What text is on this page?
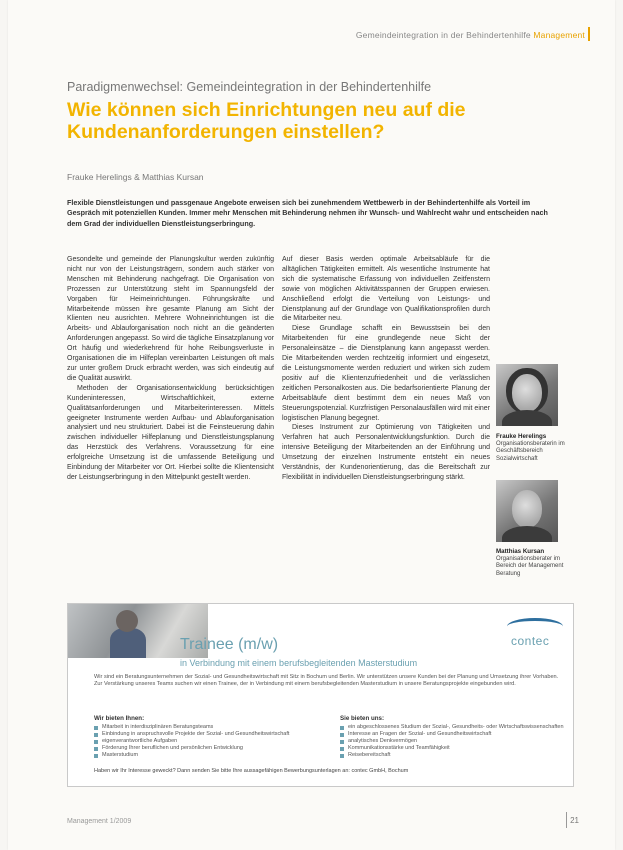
Gemeindeintegration in der Behindertenhilfe Management
Paradigmenwechsel: Gemeindeintegration in der Behindertenhilfe
Wie können sich Einrichtungen neu auf die Kundenanforderungen einstellen?
Frauke Herelings & Matthias Kursan
Flexible Dienstleistungen und passgenaue Angebote erweisen sich bei zunehmendem Wettbewerb in der Behindertenhilfe als Vorteil im Gespräch mit potenziellen Kunden. Immer mehr Menschen mit Behinderung nehmen ihr Wunsch- und Wahlrecht wahr und entscheiden nach dem Grad der individuellen Dienstleistungserbringung.

Gesondelte und gemeinde der Planungskultur werden zukünftig nicht nur von der Leistungsträgern, sondern auch stärker von Menschen mit Behinderung nachgefragt. Die Organisation von Prozessen zur Unterstützung steht im Spannungsfeld der Vorgaben für Heimeinrichtungen. Führungskräfte und Mitarbeitende müssen ihre gesamte Planung am Sicht der Klienten neu ausrichten. Mehrere Wohneinrichtungen ist die Arbeits- und Ablauforganisation noch nicht an die geänderten Anforderungen angepasst. So wird die tägliche Einsatzplanung vor Ort häufig und wiederkehrend für hohe Reibungsverluste in Organisationen die im Hilfeplan vereinbarten Leistungen oft mals zur unter großem Druck erbracht werden, was sich eindeutig auf die Qualität auswirkt.

Methoden der Organisationsentwicklung berücksichtigen Kundeninteressen, Wirtschaftlichkeit, externe Qualitätsanforderungen und Mitarbeiterinteressen. Mittels geeigneter Instrumente werden Aufbau- und Ablauforganisation analysiert und neu strukturiert. Dabei ist die Feinsteuerung dahin zwischen individueller Hilfeplanung und Dienstleistungsplanung das Herzstück des Verfahrens. Voraussetzung für eine erfolgreiche Umsetzung ist die umfassende Beteiligung und Einbindung der Mitarbeiter vor Ort. Hierbei sollte die Klientensicht der Leistungserbringung in den Mittelpunkt gestellt werden.

Auf dieser Basis werden optimale Arbeitsabläufe für die alltäglichen Tätigkeiten ermittelt. Als wesentliche Instrumente hat sich die systematische Erfassung von individuellen Zeitfenstern sowie von möglichen Aktivitätsspannen der Gruppen erwiesen. Anschließend erfolgt die Verteilung von Leistungs- und Dienstplanung auf der Grundlage von Qualifikationsprofilen durch die Mitarbeiter neu.

Diese Grundlage schafft ein Bewusstsein bei den Mitarbeitenden für eine grundlegende neue Sicht der Personaleinsätze – die Dienstplanung kann angepasst werden. Die Mitarbeitenden werden rechtzeitig informiert und eingesetzt, die Leistungsmomente werden reduziert und wirken sich zudem positiv auf die Klientenzufriedenheit und die verlässlichen zeitlichen Personalkosten aus. Die bedarfsorientierte Planung der Arbeitsabläufe dient bestimmt dem ein neues Maß von Steuerungspotenzial. Kurzfristigen Personalausfällen wird mit einer logistischen Planung begegnet.

Dieses Instrument zur Optimierung von Tätigkeiten und Verfahren hat auch Personalentwicklungsfunktion. Durch die intensive Beteiligung der Mitarbeitenden an der Einführung und Umsetzung der einzelnen Instrumente entsteht ein neues Verständnis, der Kundenorientierung, das die Bereitschaft zur Flexibilität in individuellen Dienstleistungserbringung stärkt.

Frauke Herelings
Organisationsberaterin im Geschäftsbereich Sozialwirtschaft
Matthias Kursan
Organisationsberater im Bereich der Management Beratung
contec
Trainee (m/w)
in Verbindung mit einem berufsbegleitenden Masterstudium
Wir sind ein Beratungsunternehmen der Sozial- und Gesundheitswirtschaft mit Sitz in Bochum und Berlin. Wir unterstützen unsere Kunden bei der Planung und Umsetzung ihrer Vorhaben. Zur Verstärkung unseres Teams suchen wir einen Trainee, der in Verbindung mit einem berufsbegleitenden Masterstudium in unsere Beratungsprojekte eingebunden wird.
Wir bieten Ihnen:
Mitarbeit in interdisziplinären Beratungsteams
Einbindung in anspruchsvolle Projekte der Sozial- und Gesundheitswirtschaft
eigenverantwortliche Aufgaben
Förderung Ihrer beruflichen und persönlichen Entwicklung
Masterstudium
Sie bieten uns:
ein abgeschlossenes Studium der Sozial-, Gesundheits- oder Wirtschaftswissenschaften
Interesse an Fragen der Sozial- und Gesundheitswirtschaft
analytisches Denkvermögen
Kommunikationsstärke und Teamfähigkeit
Reisebereitschaft
Haben wir Ihr Interesse geweckt? Dann senden Sie bitte Ihre aussagefähigen Bewerbungsunterlagen an: contec GmbH, Bochum
Management 1/2009	21
